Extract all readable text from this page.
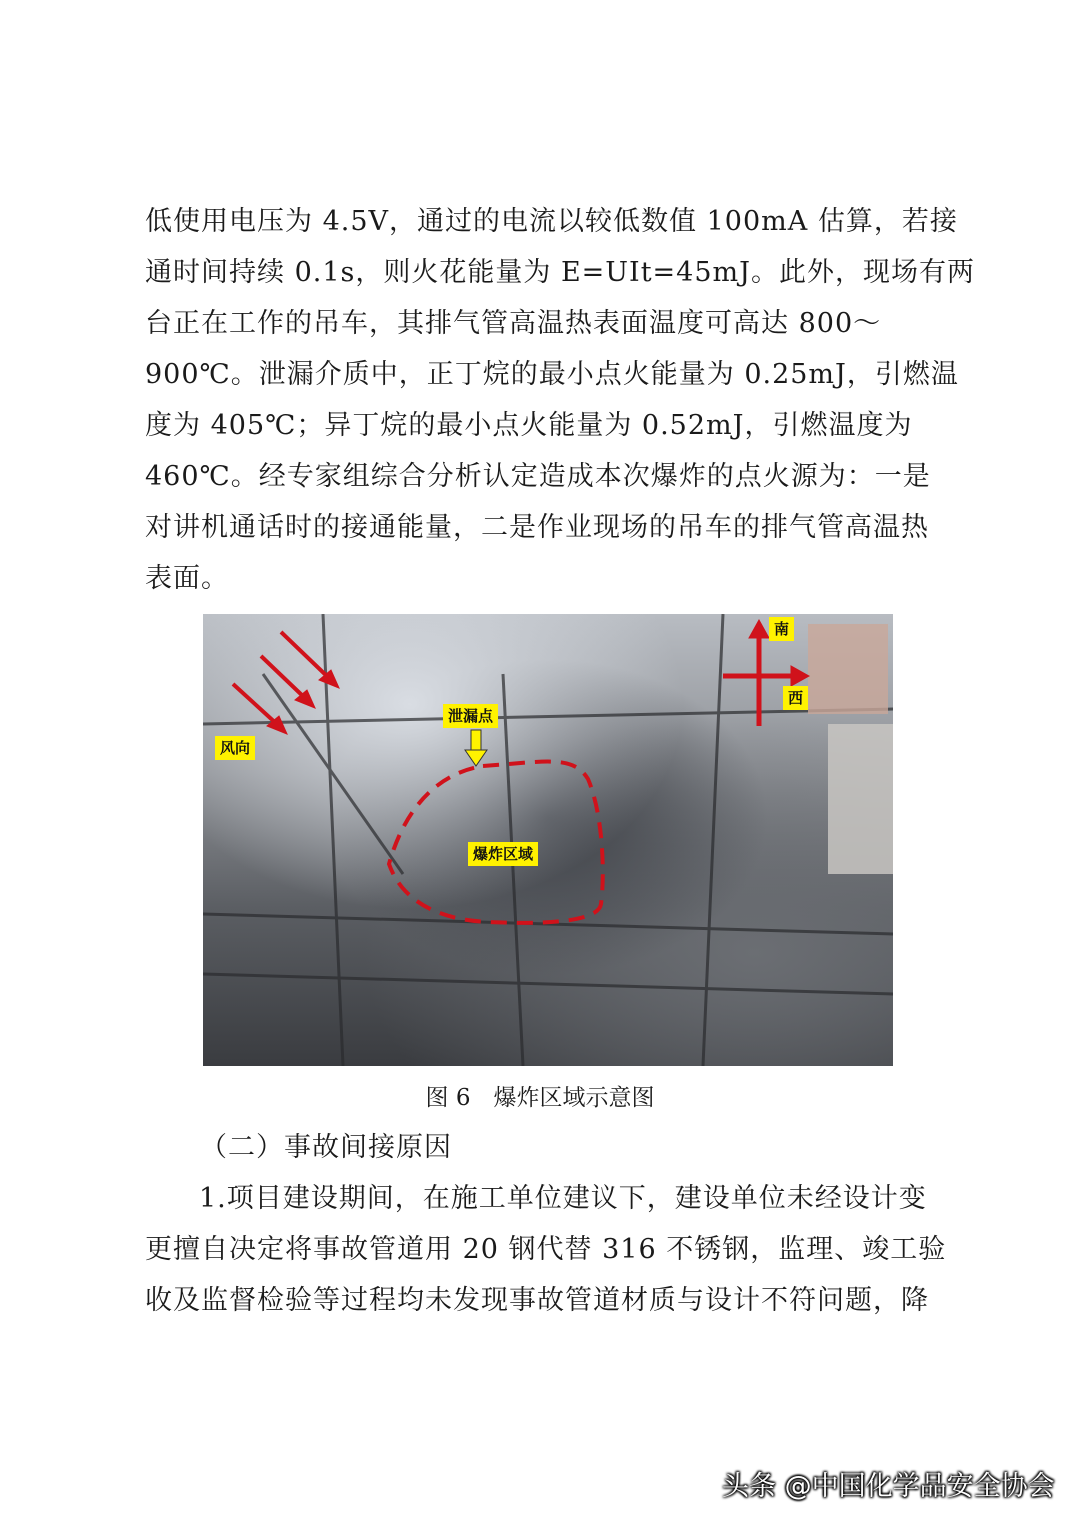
低使用电压为 4.5V，通过的电流以较低数值 100mA 估算，若接
通时间持续 0.1s，则火花能量为 E=UIt=45mJ。此外，现场有两
台正在工作的吊车，其排气管高温热表面温度可高达 800～
900℃。泄漏介质中，正丁烷的最小点火能量为 0.25mJ，引燃温
度为 405℃；异丁烷的最小点火能量为 0.52mJ，引燃温度为
460℃。经专家组综合分析认定造成本次爆炸的点火源为：一是
对讲机通话时的接通能量，二是作业现场的吊车的排气管高温热
表面。
南
西
风向
泄漏点
爆炸区域
图 6　爆炸区域示意图
（二）事故间接原因
1.项目建设期间，在施工单位建议下，建设单位未经设计变
更擅自决定将事故管道用 20 钢代替 316 不锈钢，监理、竣工验
收及监督检验等过程均未发现事故管道材质与设计不符问题，降
头条 @中国化学品安全协会
